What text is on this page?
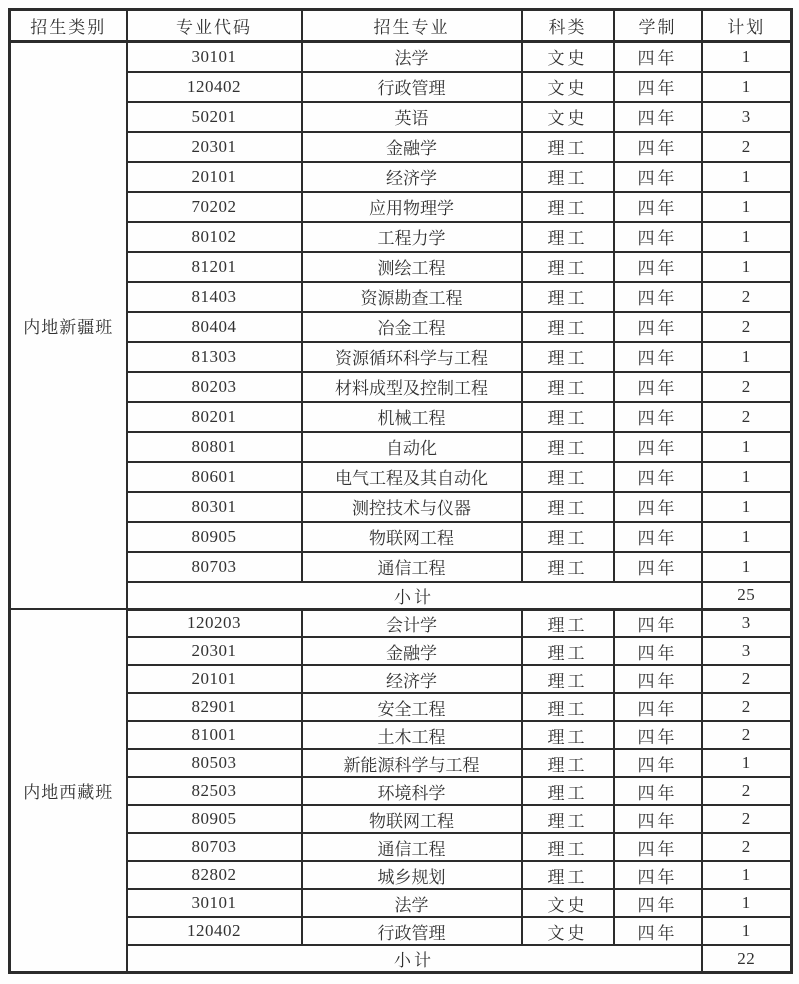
招生类别	专业代码	招生专业	科类	学制	计划
内地新疆班	30101	法学	文史	四年	1
	120402	行政管理	文史	四年	1
	50201	英语	文史	四年	3
	20301	金融学	理工	四年	2
	20101	经济学	理工	四年	1
	70202	应用物理学	理工	四年	1
	80102	工程力学	理工	四年	1
	81201	测绘工程	理工	四年	1
	81403	资源勘查工程	理工	四年	2
	80404	冶金工程	理工	四年	2
	81303	资源循环科学与工程	理工	四年	1
	80203	材料成型及控制工程	理工	四年	2
	80201	机械工程	理工	四年	2
	80801	自动化	理工	四年	1
	80601	电气工程及其自动化	理工	四年	1
	80301	测控技术与仪器	理工	四年	1
	80905	物联网工程	理工	四年	1
	80703	通信工程	理工	四年	1
	小计				25
内地西藏班	120203	会计学	理工	四年	3
	20301	金融学	理工	四年	3
	20101	经济学	理工	四年	2
	82901	安全工程	理工	四年	2
	81001	土木工程	理工	四年	2
	80503	新能源科学与工程	理工	四年	1
	82503	环境科学	理工	四年	2
	80905	物联网工程	理工	四年	2
	80703	通信工程	理工	四年	2
	82802	城乡规划	理工	四年	1
	30101	法学	文史	四年	1
	120402	行政管理	文史	四年	1
	小计				22
